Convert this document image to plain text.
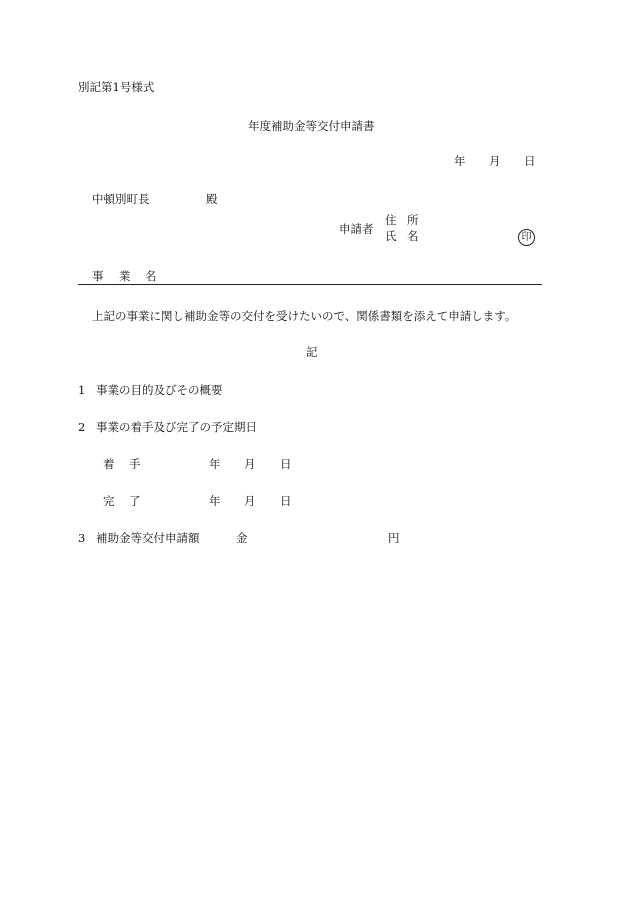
別記第1号様式
年度補助金等交付申請書
年 月 日
中頓別町長	殿
申請者
住 所
氏 名	印
事 業 名
上記の事業に関し補助金等の交付を受けたいので、関係書類を添えて申請します。
記
1 事業の目的及びその概要
2 事業の着手及び完了の予定期日
着 手	年 月 日
完 了	年 月 日
3 補助金等交付申請額	金	円
